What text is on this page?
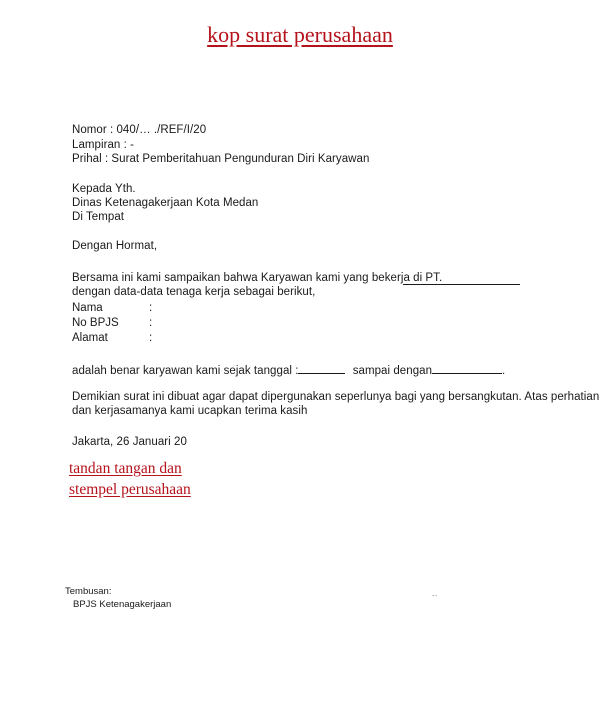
kop surat perusahaan
Nomor : 040/… ./REF/I/20
Lampiran : -
Prihal : Surat Pemberitahuan Pengunduran Diri Karyawan
Kepada Yth.
Dinas Ketenagakerjaan Kota Medan
Di Tempat
Dengan Hormat,
Bersama ini kami sampaikan bahwa Karyawan kami yang bekerja di PT.
dengan data-data tenaga kerja sebagai berikut,
Nama	:
No BPJS	:
Alamat	:
adalah benar karyawan kami sejak tanggal :	sampai dengan	.
Demikian surat ini dibuat agar dapat dipergunakan seperlunya bagi yang bersangkutan. Atas perhatian
dan kerjasamanya kami ucapkan terima kasih
Jakarta, 26 Januari 20
tandan tangan dan
stempel perusahaan
Tembusan:
BPJS Ketenagakerjaan	˙˙
